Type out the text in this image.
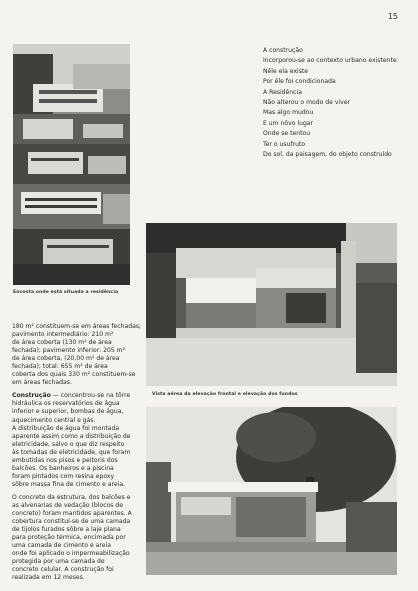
15
Encosta onde está situada a residência
A construção
Incorporou-se ao contexto urbano existente
Nêle ela existe
Por êle foi condicionada
A Residência
Não alterou o modo de viver
Mas algo mudou
E um nôvo lugar
Onde se tentou
Ter o usufruto
Do sol, da paisagem, do objeto construído
Vista aérea da elevação frontal e elevação dos fundos

180 m² constituem-se em áreas fechadas;
pavimento intermediário: 210 m²
de área coberta (130 m² de área
fechada); pavimento inferior: 205 m²
de área coberta, (20,00 m² de área
fechada); total: 655 m² de área
coberta dos quais 330 m² constituem-se
em áreas fechadas.

Construção — concentrou-se na tôrre
hidráulica os reservatórios de água
inferior e superior, bombas de água,
aquecimento central e gás.
A distribuição de água foi montada
aparente assim como a distribuição de
eletricidade, salvo o que diz respeito
às tomadas de eletricidade, que foram
embutidas nos pisos e peitoris dos
balcões. Os banheiros e a piscina
foram pintados com resina epoxy
sôbre massa fina de cimento e areia.

O concreto da estrutura, dos balcões e
as alvenarias de vedação (blocos de
concreto) foram mantidos aparentes. A
cobertura constituí-se de uma camada
de tijolos furados sôbre a laje plana
para proteção térmica, encimada por
uma camada de cimento e areia
onde foi aplicado o impermeabilização
protegida por uma camada de
concreto celular. A construção foi
realizada em 12 meses.
